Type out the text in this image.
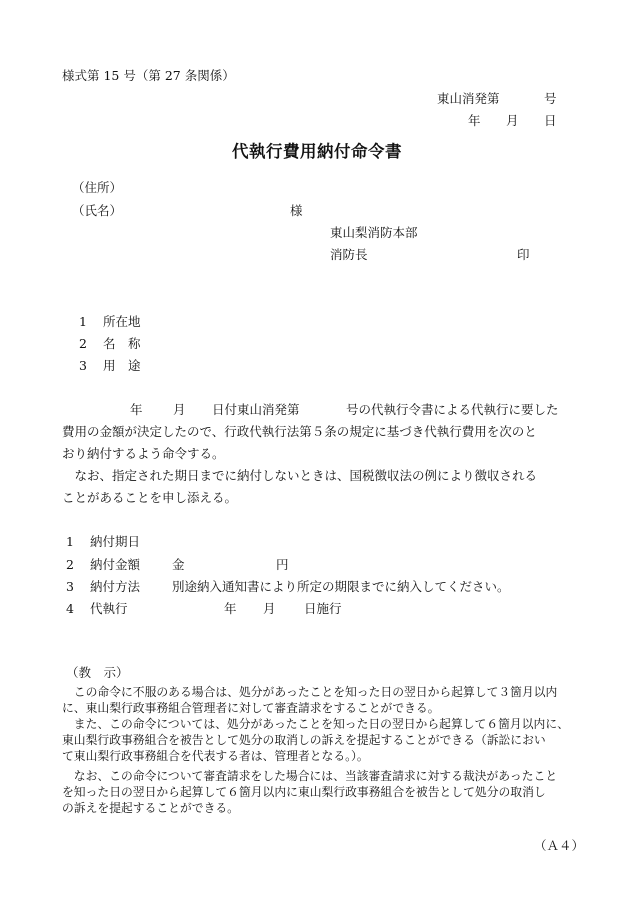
様式第 15 号（第 27 条関係）
東山消発第	号
年 月 日
代執行費用納付命令書
（住所）
（氏名）	様
東山梨消防本部
消防長	印
1 所在地
2 名　称
3 用　途
年 月 日付東山消発第	号の代執行令書による代執行に要した
費用の金額が決定したので、行政代執行法第５条の規定に基づき代執行費用を次のと
おり納付するよう命令する。
　なお、指定された期日までに納付しないときは、国税徴収法の例により徴収される
ことがあることを申し添える。
1 納付期日
2 納付金額	金	円
3 納付方法	別途納入通知書により所定の期限までに納入してください。
4 代執行	年 月 日施行
（教　示）
　この命令に不服のある場合は、処分があったことを知った日の翌日から起算して３箇月以内
に、東山梨行政事務組合管理者に対して審査請求をすることができる。
　また、この命令については、処分があったことを知った日の翌日から起算して６箇月以内に、
東山梨行政事務組合を被告として処分の取消しの訴えを提起することができる（訴訟におい
て東山梨行政事務組合を代表する者は、管理者となる。）。
　なお、この命令について審査請求をした場合には、当該審査請求に対する裁決があったこと
を知った日の翌日から起算して６箇月以内に東山梨行政事務組合を被告として処分の取消し
の訴えを提起することができる。
（Ａ４）
